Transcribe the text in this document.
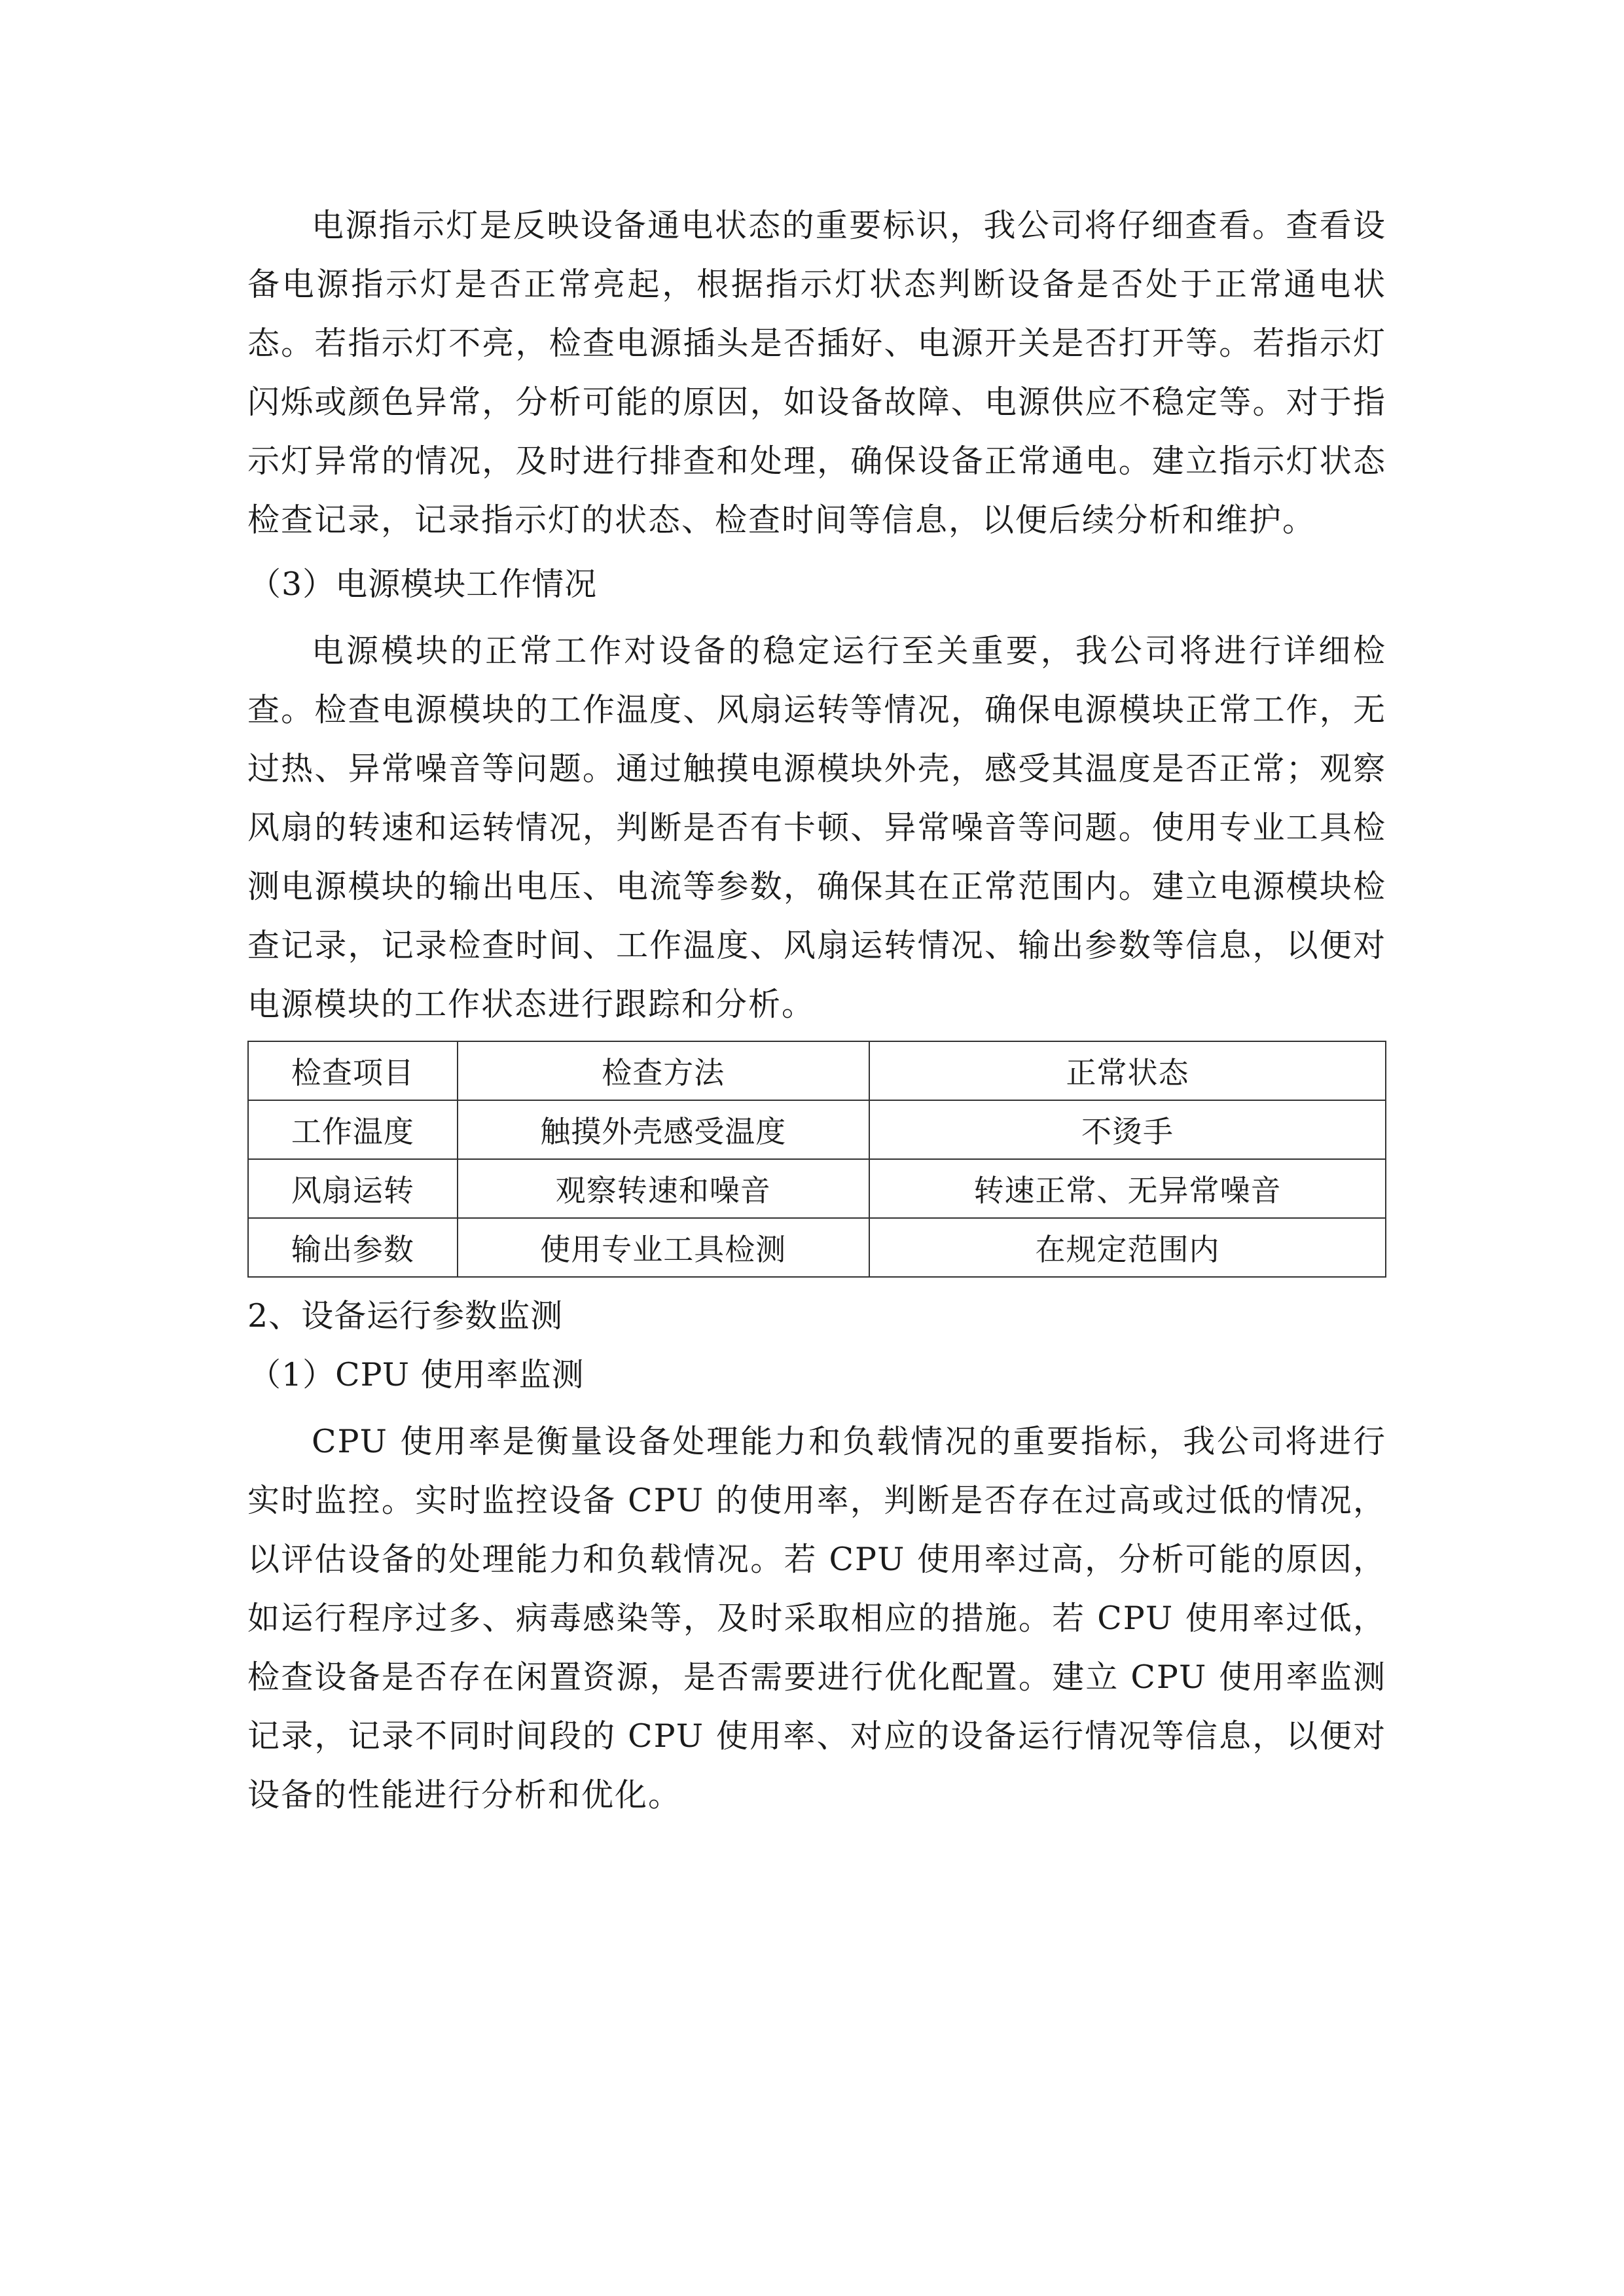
电源指示灯是反映设备通电状态的重要标识，我公司将仔细查看。查看设备电源指示灯是否正常亮起，根据指示灯状态判断设备是否处于正常通电状态。若指示灯不亮，检查电源插头是否插好、电源开关是否打开等。若指示灯闪烁或颜色异常，分析可能的原因，如设备故障、电源供应不稳定等。对于指示灯异常的情况，及时进行排查和处理，确保设备正常通电。建立指示灯状态检查记录，记录指示灯的状态、检查时间等信息，以便后续分析和维护。

（3）电源模块工作情况

电源模块的正常工作对设备的稳定运行至关重要，我公司将进行详细检查。检查电源模块的工作温度、风扇运转等情况，确保电源模块正常工作，无过热、异常噪音等问题。通过触摸电源模块外壳，感受其温度是否正常；观察风扇的转速和运转情况，判断是否有卡顿、异常噪音等问题。使用专业工具检测电源模块的输出电压、电流等参数，确保其在正常范围内。建立电源模块检查记录，记录检查时间、工作温度、风扇运转情况、输出参数等信息，以便对电源模块的工作状态进行跟踪和分析。

检查项目	检查方法	正常状态
工作温度	触摸外壳感受温度	不烫手
风扇运转	观察转速和噪音	转速正常、无异常噪音
输出参数	使用专业工具检测	在规定范围内

2、设备运行参数监测

（1）CPU 使用率监测

CPU 使用率是衡量设备处理能力和负载情况的重要指标，我公司将进行实时监控。实时监控设备 CPU 的使用率，判断是否存在过高或过低的情况，以评估设备的处理能力和负载情况。若 CPU 使用率过高，分析可能的原因，如运行程序过多、病毒感染等，及时采取相应的措施。若 CPU 使用率过低，检查设备是否存在闲置资源，是否需要进行优化配置。建立 CPU 使用率监测记录，记录不同时间段的 CPU 使用率、对应的设备运行情况等信息，以便对设备的性能进行分析和优化。
